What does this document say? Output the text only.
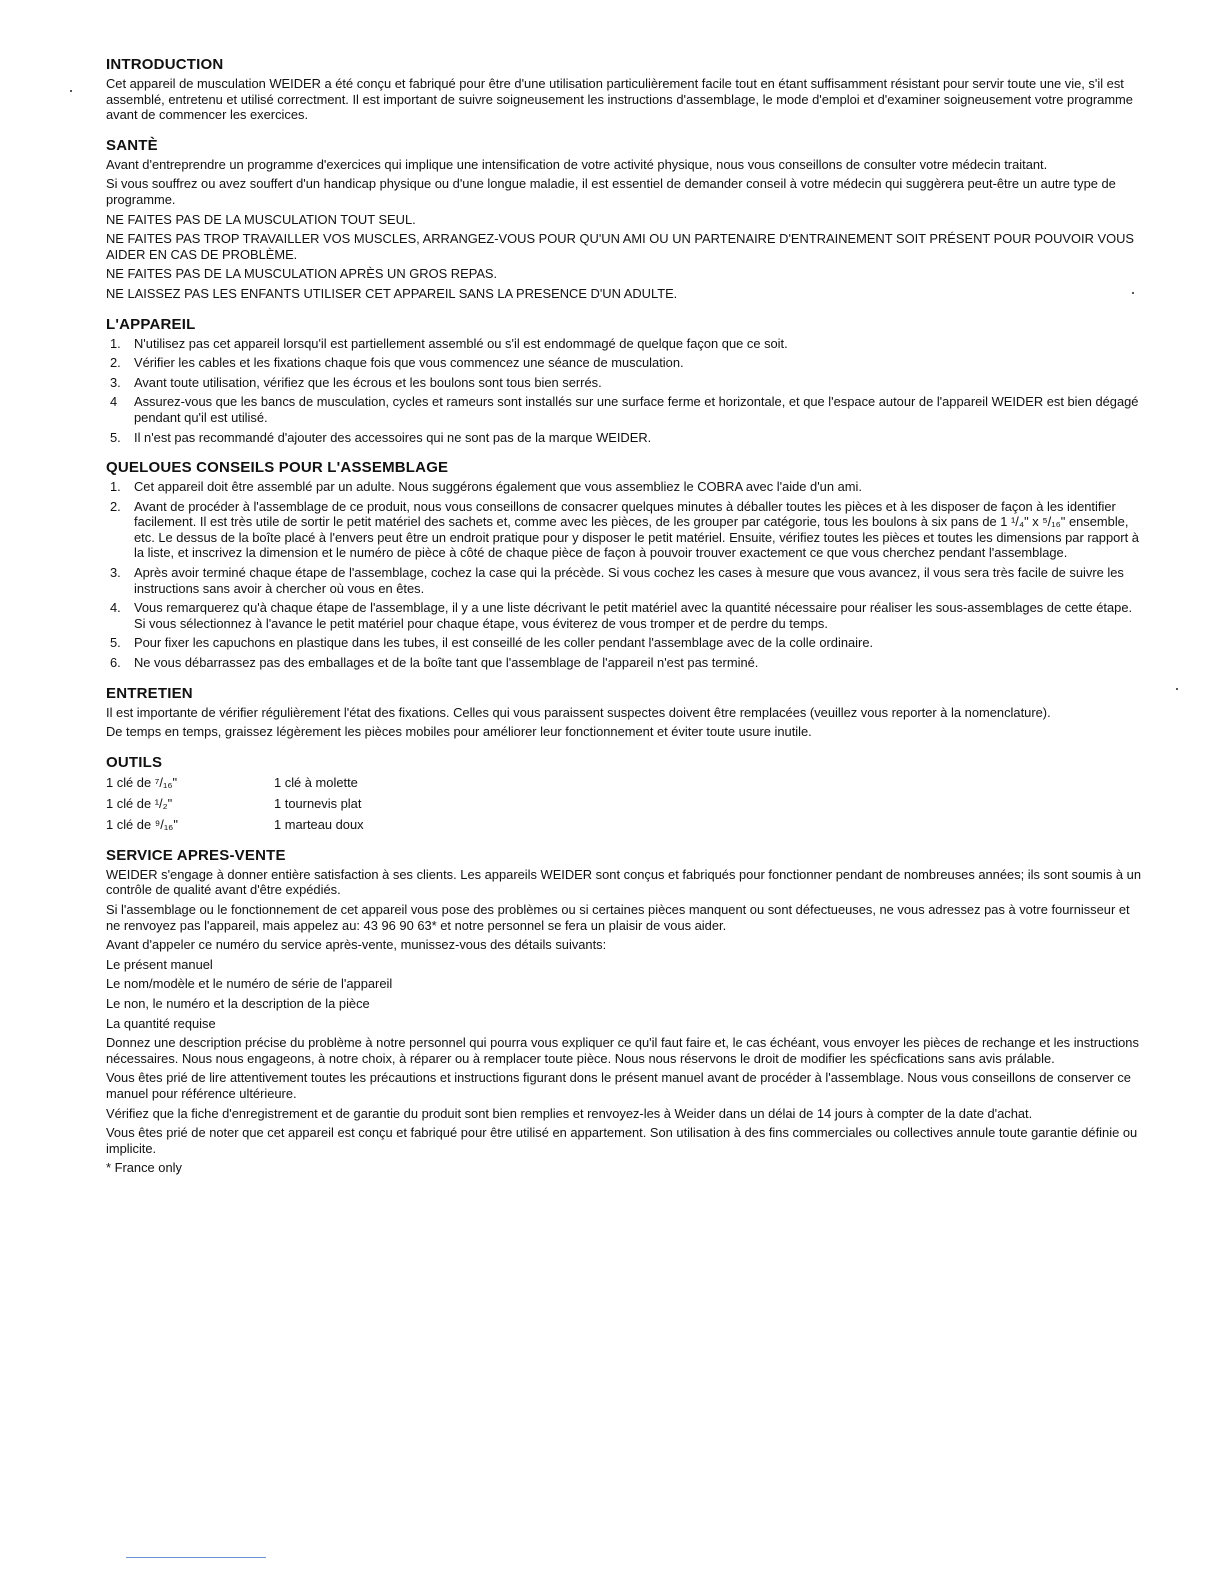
INTRODUCTION

Cet appareil de musculation WEIDER a été conçu et fabriqué pour être d'une utilisation particulièrement facile tout en étant suffisamment résistant pour servir toute une vie, s'il est assemblé, entretenu et utilisé correctment. Il est important de suivre soigneusement les instructions d'assemblage, le mode d'emploi et d'examiner soigneusement votre programme avant de commencer les exercices.

SANTÈ

Avant d'entreprendre un programme d'exercices qui implique une intensification de votre activité physique, nous vous conseillons de consulter votre médecin traitant.

Si vous souffrez ou avez souffert d'un handicap physique ou d'une longue maladie, il est essentiel de demander conseil à votre médecin qui suggèrera peut-être un autre type de programme.

NE FAITES PAS DE LA MUSCULATION TOUT SEUL.

NE FAITES PAS TROP TRAVAILLER VOS MUSCLES, ARRANGEZ-VOUS POUR QU'UN AMI OU UN PARTENAIRE D'ENTRAINEMENT SOIT PRÉSENT POUR POUVOIR VOUS AIDER EN CAS DE PROBLÈME.

NE FAITES PAS DE LA MUSCULATION APRÈS UN GROS REPAS.

NE LAISSEZ PAS LES ENFANTS UTILISER CET APPAREIL SANS LA PRESENCE D'UN ADULTE.

L'APPAREIL
1. N'utilisez pas cet appareil lorsqu'il est partiellement assemblé ou s'il est endommagé de quelque façon que ce soit.
2. Vérifier les cables et les fixations chaque fois que vous commencez une séance de musculation.
3. Avant toute utilisation, vérifiez que les écrous et les boulons sont tous bien serrés.
4 Assurez-vous que les bancs de musculation, cycles et rameurs sont installés sur une surface ferme et horizontale, et que l'espace autour de l'appareil WEIDER est bien dégagé pendant qu'il est utilisé.
5. Il n'est pas recommandé d'ajouter des accessoires qui ne sont pas de la marque WEIDER.
QUELOUES CONSEILS POUR L'ASSEMBLAGE
1. Cet appareil doit être assemblé par un adulte. Nous suggérons également que vous assembliez le COBRA avec l'aide d'un ami.
2. Avant de procéder à l'assemblage de ce produit, nous vous conseillons de consacrer quelques minutes à déballer toutes les pièces et à les disposer de façon à les identifier facilement. Il est très utile de sortir le petit matériel des sachets et, comme avec les pièces, de les grouper par catégorie, tous les boulons à six pans de 1 ¹/₄" x ⁵/₁₆" ensemble, etc. Le dessus de la boîte placé à l'envers peut être un endroit pratique pour y disposer le petit matériel. Ensuite, vérifiez toutes les pièces et toutes les dimensions par rapport à la liste, et inscrivez la dimension et le numéro de pièce à côté de chaque pièce de façon à pouvoir trouver exactement ce que vous cherchez pendant l'assemblage.
3. Après avoir terminé chaque étape de l'assemblage, cochez la case qui la précède. Si vous cochez les cases à mesure que vous avancez, il vous sera très facile de suivre les instructions sans avoir à chercher où vous en êtes.
4. Vous remarquerez qu'à chaque étape de l'assemblage, il y a une liste décrivant le petit matériel avec la quantité nécessaire pour réaliser les sous-assemblages de cette étape. Si vous sélectionnez à l'avance le petit matériel pour chaque étape, vous éviterez de vous tromper et de perdre du temps.
5. Pour fixer les capuchons en plastique dans les tubes, il est conseillé de les coller pendant l'assemblage avec de la colle ordinaire.
6. Ne vous débarrassez pas des emballages et de la boîte tant que l'assemblage de l'appareil n'est pas terminé.
ENTRETIEN

Il est importante de vérifier régulièrement l'état des fixations. Celles qui vous paraissent suspectes doivent être remplacées (veuillez vous reporter à la nomenclature).

De temps en temps, graissez légèrement les pièces mobiles pour améliorer leur fonctionnement et éviter toute usure inutile.

OUTILS
1 clé de ⁷/₁₆"	1 clé à molette
1 clé de ¹/₂"	1 tournevis plat
1 clé de ⁹/₁₆"	1 marteau doux
SERVICE APRES-VENTE

WEIDER s'engage à donner entière satisfaction à ses clients. Les appareils WEIDER sont conçus et fabriqués pour fonctionner pendant de nombreuses années; ils sont soumis à un contrôle de qualité avant d'être expédiés.

Si l'assemblage ou le fonctionnement de cet appareil vous pose des problèmes ou si certaines pièces manquent ou sont défectueuses, ne vous adressez pas à votre fournisseur et ne renvoyez pas l'appareil, mais appelez au: 43 96 90 63* et notre personnel se fera un plaisir de vous aider.

Avant d'appeler ce numéro du service après-vente, munissez-vous des détails suivants:

Le présent manuel

Le nom/modèle et le numéro de série de l'appareil

Le non, le numéro et la description de la pièce

La quantité requise

Donnez une description précise du problème à notre personnel qui pourra vous expliquer ce qu'il faut faire et, le cas échéant, vous envoyer les pièces de rechange et les instructions nécessaires. Nous nous engageons, à notre choix, à réparer ou à remplacer toute pièce. Nous nous réservons le droit de modifier les spécfications sans avis prálable.

Vous êtes prié de lire attentivement toutes les précautions et instructions figurant dons le présent manuel avant de procéder à l'assemblage. Nous vous conseillons de conserver ce manuel pour référence ultérieure.

Vérifiez que la fiche d'enregistrement et de garantie du produit sont bien remplies et renvoyez-les à Weider dans un délai de 14 jours à compter de la date d'achat.

Vous êtes prié de noter que cet appareil est conçu et fabriqué pour être utilisé en appartement. Son utilisation à des fins commerciales ou collectives annule toute garantie définie ou implicite.

* France only
